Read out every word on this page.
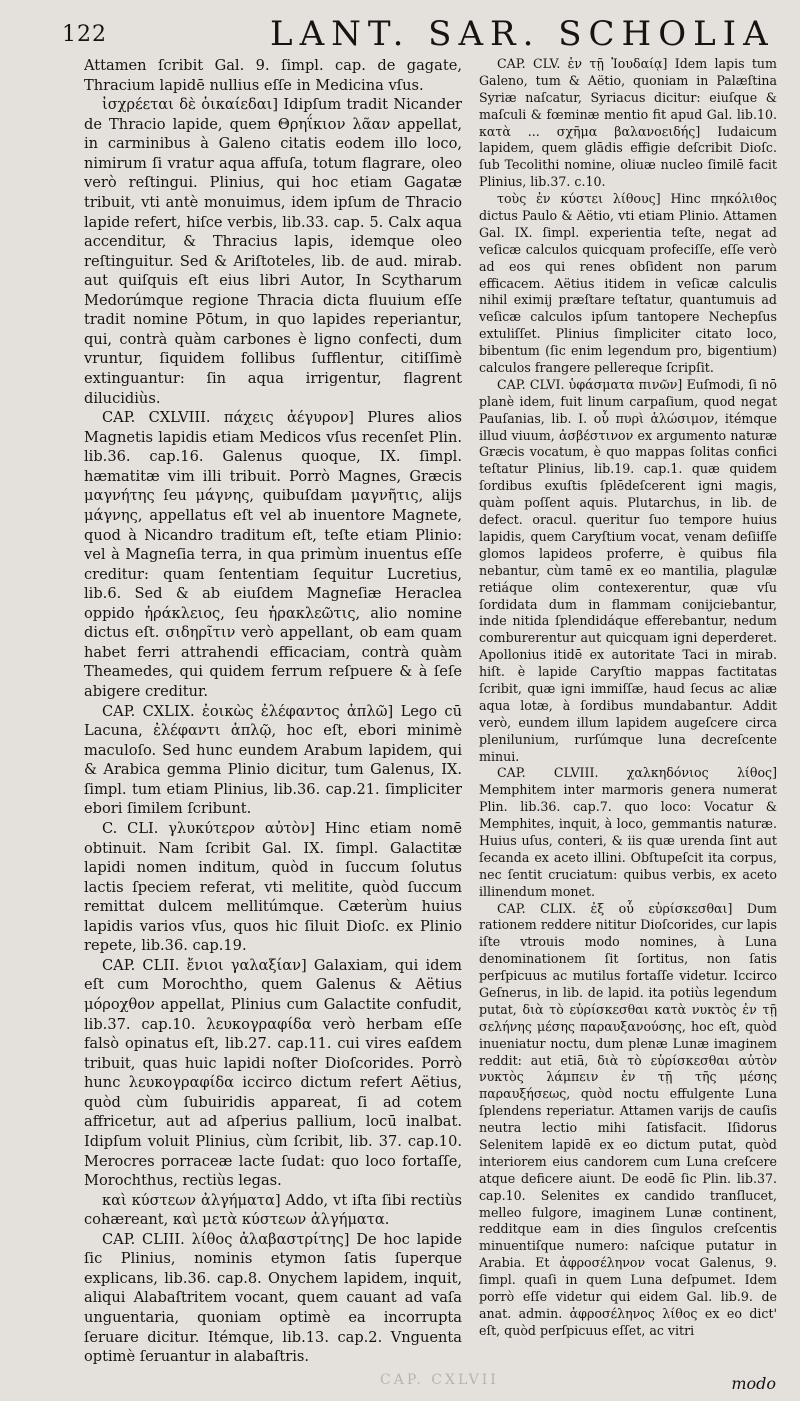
122	LANT. SAR. SCHOLIA

Attamen ſcribit Gal. 9. ſimpl. cap. de gagate, Thracium lapidē nullius eſſe in Medicina vſus.

ἰσχρέεται δὲ ὁικαίεδαι] Idipſum tradit Nicander de Thracio lapide, quem Θρηΐκιον λᾶαν appellat, in carminibus à Galeno citatis eodem illo loco, nimirum ſi vratur aqua affuſa, totum flagrare, oleo verò reſtingui. Plinius, qui hoc etiam Gagatæ tribuit, vti antè monuimus, idem ipſum de Thracio lapide refert, hiſce verbis, lib.33. cap. 5. Calx aqua accenditur, & Thracius lapis, idemque oleo reſtinguitur. Sed & Ariſtoteles, lib. de aud. mirab. aut quiſquis eſt eius libri Autor, In Scytharum Medorúmque regione Thracia dicta fluuium eſſe tradit nomine Pōtum, in quo lapides reperiantur, qui, contrà quàm carbones è ligno confecti, dum vruntur, ſiquidem follibus ſufflentur, citiſſimè extinguantur: ſin aqua irrigentur, flagrent dilucidiùs.

CAP. CXLVIII. πάχεις ἀέγυρον] Plures alios Magnetis lapidis etiam Medicos vſus recenſet Plin. lib.36. cap.16. Galenus quoque, IX. ſimpl. hæmatitæ vim illi tribuit. Porrò Magnes, Græcis μαγνήτης ſeu μάγνης, quibuſdam μαγνῆτις, alijs μάγνης, appellatus eſt vel ab inuentore Magnete, quod à Nicandro traditum eſt, teſte etiam Plinio: vel à Magneſia terra, in qua primùm inuentus eſſe creditur: quam ſententiam ſequitur Lucretius, lib.6. Sed & ab eiuſdem Magneſiæ Heraclea oppido ἡράκλειος, ſeu ἡρακλεῶτις, alio nomine dictus eſt. σιδηρῖτιν verò appellant, ob eam quam habet ferri attrahendi efficaciam, contrà quàm Theamedes, qui quidem ferrum reſpuere & à ſeſe abigere creditur.

CAP. CXLIX. ἐοικὼς ἐλέφαντος ἁπλῶ] Lego cū Lacuna, ἐλέφαντι ἁπλῷ, hoc eſt, ebori minimè maculoſo. Sed hunc eundem Arabum lapidem, qui & Arabica gemma Plinio dicitur, tum Galenus, IX. ſimpl. tum etiam Plinius, lib.36. cap.21. ſimpliciter ebori ſimilem ſcribunt.

C. CLI. γλυκύτερον αὐτὸν] Hinc etiam nomē obtinuit. Nam ſcribit Gal. IX. ſimpl. Galactitæ lapidi nomen inditum, quòd in ſuccum ſolutus lactis ſpeciem referat, vti melitite, quòd ſuccum remittat dulcem mellitúmque. Cæterùm huius lapidis varios vſus, quos hic ſiluit Dioſc. ex Plinio repete, lib.36. cap.19.

CAP. CLII. ἔνιοι γαλαξίαν] Galaxiam, qui idem eſt cum Morochtho, quem Galenus & Aëtius μόροχθον appellat, Plinius cum Galactite confudit, lib.37. cap.10. λευκογραφίδα verò herbam eſſe falsò opinatus eſt, lib.27. cap.11. cui vires eaſdem tribuit, quas huic lapidi noſter Dioſcorides. Porrò hunc λευκογραφίδα iccirco dictum refert Aëtius, quòd cùm ſubuiridis appareat, ſi ad cotem affricetur, aut ad aſperius pallium, locū inalbat. Idipſum voluit Plinius, cùm ſcribit, lib. 37. cap.10. Merocres porraceæ lacte ſudat: quo loco fortaſſe, Morochthus, rectiùs legas.

καὶ κύστεων ἀλγήματα] Addo, vt iſta ſibi rectiùs cohæreant, καὶ μετὰ κύστεων ἀλγήματα.

CAP. CLIII. λίθος ἀλαβαστρίτης] De hoc lapide ſic Plinius, nominis etymon ſatis ſuperque explicans, lib.36. cap.8. Onychem lapidem, inquit, aliqui Alabaſtritem vocant, quem cauant ad vaſa unguentaria, quoniam optimè ea incorrupta ſeruare dicitur. Itémque, lib.13. cap.2. Vnguenta optimè ſeruantur in alabaſtris.

CAP. CLV. ἐν τῇ Ἰουδαίᾳ] Idem lapis tum Galeno, tum & Aëtio, quoniam in Palæſtina Syriæ naſcatur, Syriacus dicitur: eiuſque & maſculi & fœminæ mentio fit apud Gal. lib.10. κατὰ ... σχῆμα βαλανοειδής] Iudaicum lapidem, quem glādis effigie deſcribit Dioſc. ſub Tecolithi nomine, oliuæ nucleo ſimilē facit Plinius, lib.37. c.10.

τοὺς ἐν κύστει λίθους] Hinc πηκόλιθος dictus Paulo & Aëtio, vti etiam Plinio. Attamen Gal. IX. ſimpl. experientia teſte, negat ad veſicæ calculos quicquam profeciſſe, eſſe verò ad eos qui renes obſident non parum efficacem. Aëtius itidem in veſicæ calculis nihil eximij præſtare teſtatur, quantumuis ad veſicæ calculos ipſum tantopere Nechepſus extuliſſet. Plinius ſimpliciter citato loco, bibentum (ſic enim legendum pro, bigentium) calculos frangere pellereque ſcripſit.

CAP. CLVI. ὑφάσματα πινῶν] Euſmodi, ſi nō planè idem, fuit linum carpaſium, quod negat Pauſanias, lib. I. οὗ πυρὶ ἁλώσιμον, itémque illud viuum, ἀσβέστινον ex argumento naturæ Græcis vocatum, è quo mappas ſolitas confici teſtatur Plinius, lib.19. cap.1. quæ quidem ſordibus exuſtis ſplēdeſcerent igni magis, quàm poſſent aquis. Plutarchus, in lib. de defect. oracul. queritur ſuo tempore huius lapidis, quem Caryſtium vocat, venam deſiiſſe glomos lapideos proferre, è quibus fila nebantur, cùm tamē ex eo mantilia, plagulæ retiáque olim contexerentur, quæ vſu ſordidata dum in flammam conijciebantur, inde nitida ſplendidáque efferebantur, nedum comburerentur aut quicquam igni deperderet. Apollonius itidē ex autoritate Taci in mirab. hiſt. è lapide Caryſtio mappas factitatas ſcribit, quæ igni immiſſæ, haud ſecus ac aliæ aqua lotæ, à ſordibus mundabantur. Addit verò, eundem illum lapidem augeſcere circa plenilunium, rurſúmque luna decreſcente minui.

CAP. CLVIII. χαλκηδόνιος λίθος] Memphitem inter marmoris genera numerat Plin. lib.36. cap.7. quo loco: Vocatur & Memphites, inquit, à loco, gemmantis naturæ. Huius uſus, conteri, & iis quæ urenda ſint aut ſecanda ex aceto illini. Obſtupeſcit ita corpus, nec ſentit cruciatum: quibus verbis, ex aceto illinendum monet.

CAP. CLIX. ἐξ οὗ εὑρίσκεσθαι] Dum rationem reddere nititur Dioſcorides, cur lapis iſte vtrouis modo nomines, à Luna denominationem ſit ſortitus, non ſatis perſpicuus ac mutilus fortaſſe videtur. Iccirco Geſnerus, in lib. de lapid. ita potiùs legendum putat, διὰ τὸ εὑρίσκεσθαι κατὰ νυκτὸς ἐν τῇ σελήνης μέσης παραυξανούσης, hoc eſt, quòd inueniatur noctu, dum plenæ Lunæ imaginem reddit: aut etiā, διὰ τὸ εὑρίσκεσθαι αὐτὸν νυκτὸς λάμπειν ἐν τῇ τῆς μέσης παραυξήσεως, quòd noctu effulgente Luna ſplendens reperiatur. Attamen varijs de cauſis neutra lectio mihi ſatisfacit. Iſidorus Selenitem lapidē ex eo dictum putat, quòd interiorem eius candorem cum Luna creſcere atque deficere aiunt. De eodē ſic Plin. lib.37. cap.10. Selenites ex candido tranſlucet, melleo fulgore, imaginem Lunæ continent, redditque eam in dies ſingulos creſcentis minuentiſque numero: naſcique putatur in Arabia. Et ἀφροσέληνον vocat Galenus, 9. ſimpl. quaſi in quem Luna deſpumet. Idem porrò eſſe videtur qui eidem Gal. lib.9. de anat. admin. ἀφροσέληνος λίθος ex eo dict' eſt, quòd perſpicuus eſſet, ac vitri

CAP. CXLVII	modo
